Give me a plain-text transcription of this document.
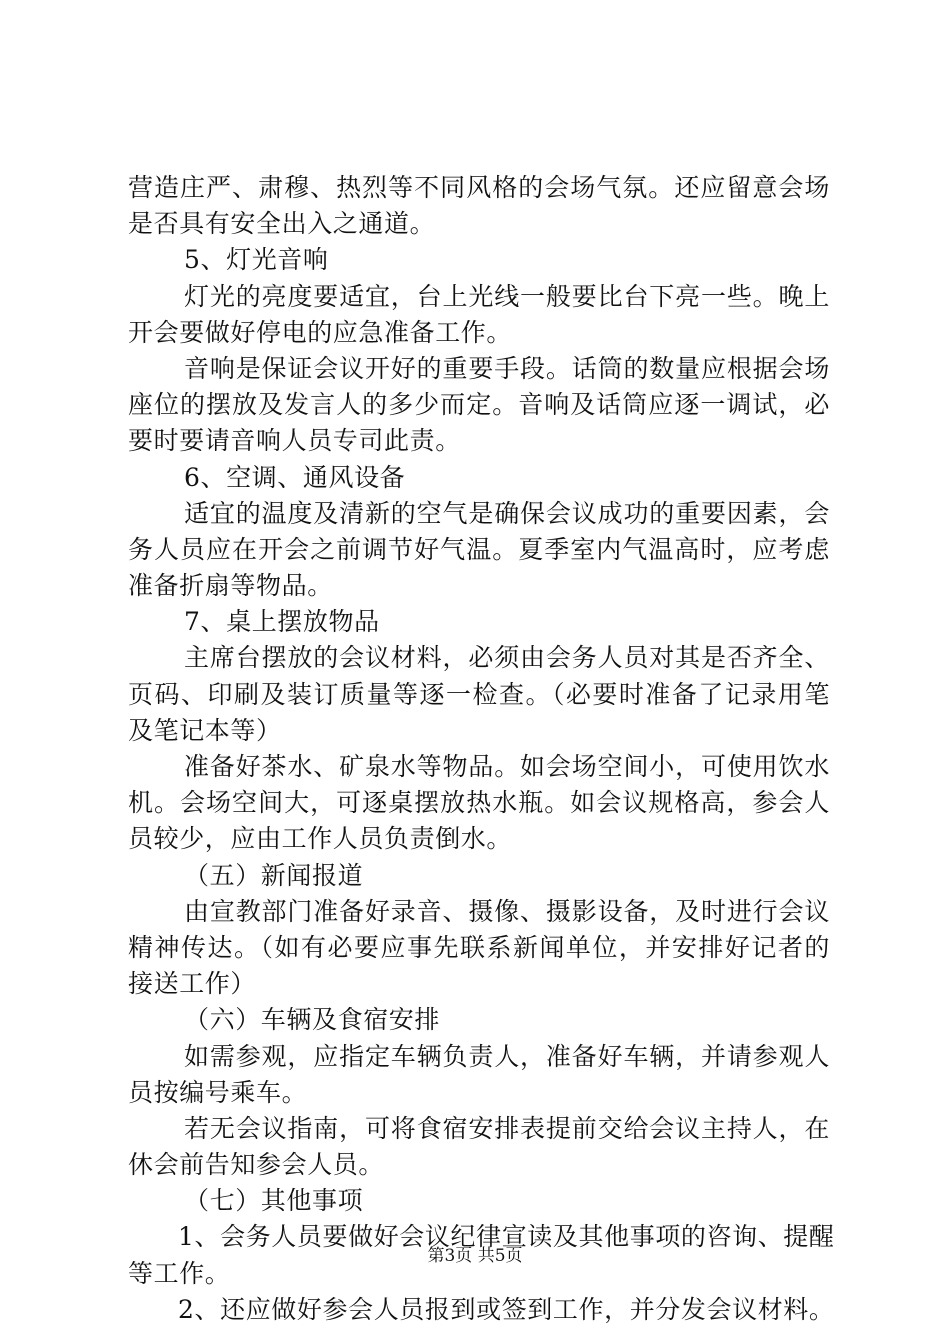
营造庄严、肃穆、热烈等不同风格的会场气氛。还应留意会场
是否具有安全出入之通道。
5、灯光音响
灯光的亮度要适宜，台上光线一般要比台下亮一些。晚上
开会要做好停电的应急准备工作。
音响是保证会议开好的重要手段。话筒的数量应根据会场
座位的摆放及发言人的多少而定。音响及话筒应逐一调试，必
要时要请音响人员专司此责。
6、空调、通风设备
适宜的温度及清新的空气是确保会议成功的重要因素，会
务人员应在开会之前调节好气温。夏季室内气温高时，应考虑
准备折扇等物品。
7、桌上摆放物品
主席台摆放的会议材料，必须由会务人员对其是否齐全、
页码、印刷及装订质量等逐一检查。（必要时准备了记录用笔
及笔记本等）
准备好茶水、矿泉水等物品。如会场空间小，可使用饮水
机。会场空间大，可逐桌摆放热水瓶。如会议规格高，参会人
员较少，应由工作人员负责倒水。
（五）新闻报道
由宣教部门准备好录音、摄像、摄影设备，及时进行会议
精神传达。（如有必要应事先联系新闻单位，并安排好记者的
接送工作）
（六）车辆及食宿安排
如需参观，应指定车辆负责人，准备好车辆，并请参观人
员按编号乘车。
若无会议指南，可将食宿安排表提前交给会议主持人，在
休会前告知参会人员。
（七）其他事项
1、会务人员要做好会议纪律宣读及其他事项的咨询、提醒
等工作。
2、还应做好参会人员报到或签到工作，并分发会议材料。
第3页 共5页
